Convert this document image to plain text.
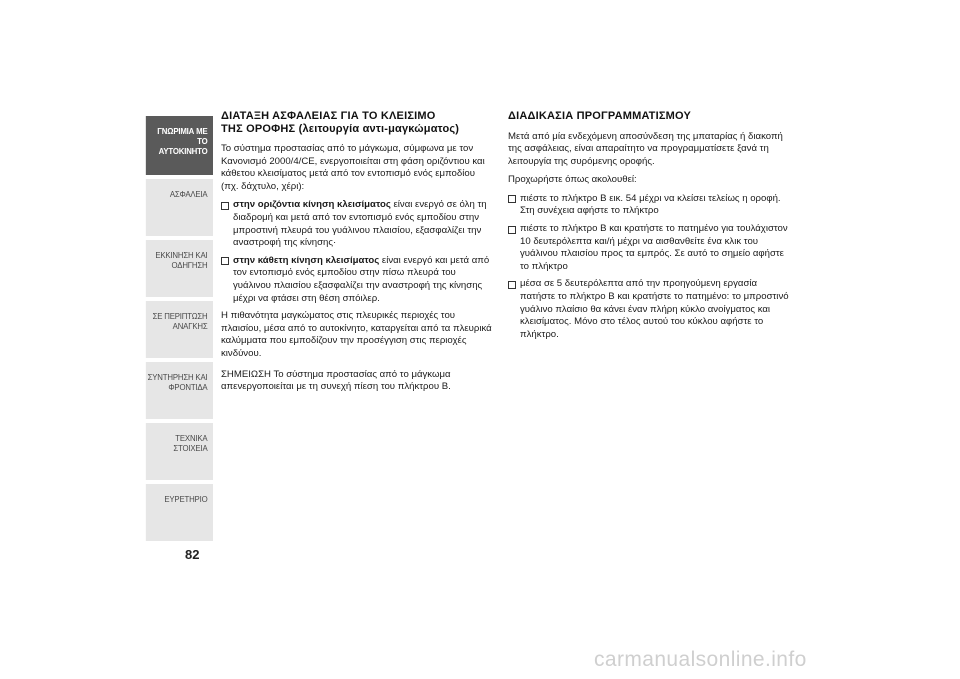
ΓΝΩΡΙΜΙΑ ΜΕ ΤΟ
ΑΥΤΟΚΙΝΗΤΟ
ΑΣΦΑΛΕΙΑ
ΕΚΚΙΝΗΣΗ ΚΑΙ
ΟΔΗΓΗΣΗ
ΣΕ ΠΕΡΙΠΤΩΣΗ
ΑΝΑΓΚΗΣ
ΣΥΝΤΗΡΗΣΗ ΚΑΙ
ΦΡΟΝΤΙΔΑ
ΤΕΧΝΙΚΑ ΣΤΟΙΧΕΙΑ
ΕΥΡΕΤΗΡΙΟ
82
ΔΙΑΤΑΞΗ ΑΣΦΑΛΕΙΑΣ ΓΙΑ ΤΟ ΚΛΕΙΣΙΜΟ
ΤΗΣ ΟΡΟΦΗΣ (λειτουργία αντι-μαγκώματος)

Το σύστημα προστασίας από το μάγκωμα, σύμφωνα με τον Κανονισμό 2000/4/CE, ενεργοποιείται στη φάση οριζόντιου και κάθετου κλεισίματος μετά από τον εντοπισμό ενός εμποδίου (πχ. δάχτυλο, χέρι):

στην οριζόντια κίνηση κλεισίματος είναι ενεργό σε όλη τη διαδρομή και μετά από τον εντοπισμό ενός εμποδίου στην μπροστινή πλευρά του γυάλινου πλαισίου, εξασφαλίζει την αναστροφή της κίνησης·
στην κάθετη κίνηση κλεισίματος είναι ενεργό και μετά από τον εντοπισμό ενός εμποδίου στην πίσω πλευρά του γυάλινου πλαισίου εξασφαλίζει την αναστροφή της κίνησης μέχρι να φτάσει στη θέση σπόιλερ.

Η πιθανότητα μαγκώματος στις πλευρικές περιοχές του πλαισίου, μέσα από το αυτοκίνητο, καταργείται από τα πλευρικά καλύμματα που εμποδίζουν την προσέγγιση στις περιοχές κινδύνου.

ΣΗΜΕΙΩΣΗ Το σύστημα προστασίας από το μάγκωμα απενεργοποιείται με τη συνεχή πίεση του πλήκτρου B.

ΔΙΑΔΙΚΑΣΙΑ ΠΡΟΓΡΑΜΜΑΤΙΣΜΟΥ

Μετά από μία ενδεχόμενη αποσύνδεση της μπαταρίας ή διακοπή της ασφάλειας, είναι απαραίτητο να προγραμματίσετε ξανά τη λειτουργία της συρόμενης οροφής.

Προχωρήστε όπως ακολουθεί:

πιέστε το πλήκτρο B εικ. 54 μέχρι να κλείσει τελείως η οροφή. Στη συνέχεια αφήστε το πλήκτρο
πιέστε το πλήκτρο B και κρατήστε το πατημένο για τουλάχιστον 10 δευτερόλεπτα και/ή μέχρι να αισθανθείτε ένα κλικ του γυάλινου πλαισίου προς τα εμπρός. Σε αυτό το σημείο αφήστε το πλήκτρο
μέσα σε 5 δευτερόλεπτα από την προηγούμενη εργασία πατήστε το πλήκτρο B και κρατήστε το πατημένο: το μπροστινό γυάλινο πλαίσιο θα κάνει έναν πλήρη κύκλο ανοίγματος και κλεισίματος. Μόνο στο τέλος αυτού του κύκλου αφήστε το πλήκτρο.
carmanualsonline.info
